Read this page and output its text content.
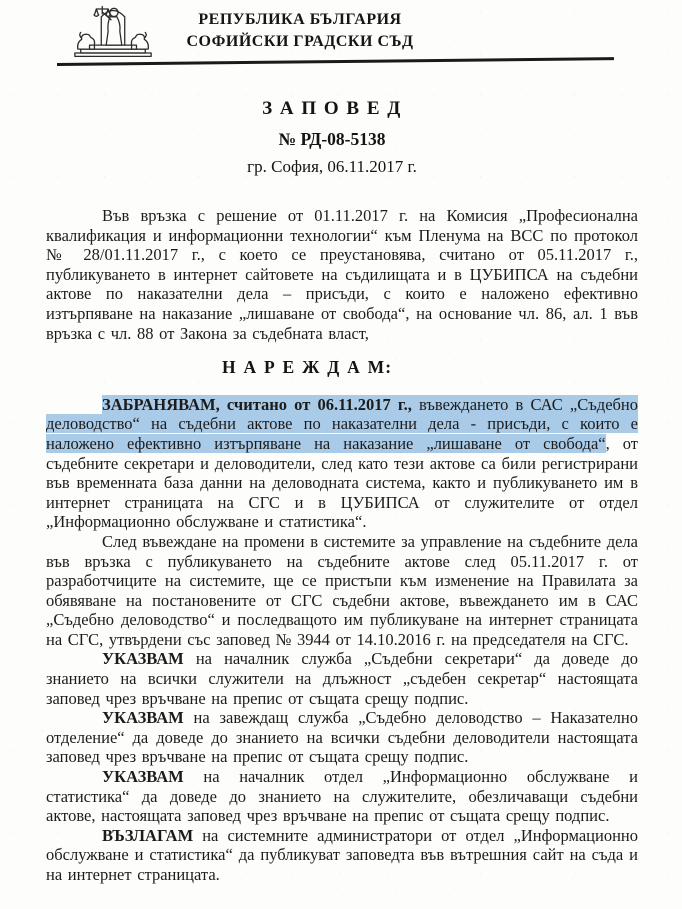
РЕПУБЛИКА БЪЛГАРИЯ
СОФИЙСКИ ГРАДСКИ СЪД
З А П О В Е Д
№ РД-08-5138
гр. София, 06.11.2017 г.

Във връзка с решение от 01.11.2017 г. на Комисия „Професионална квалификация и информационни технологии“ към Пленума на ВСС по протокол № 28/01.11.2017 г., с което се преустановява, считано от 05.11.2017 г., публикуването в интернет сайтовете на съдилищата и в ЦУБИПСА на съдебни актове по наказателни дела – присъди, с които е наложено ефективно изтърпяване на наказание „лишаване от свобода“, на основание чл. 86, ал. 1 във връзка с чл. 88 от Закона за съдебната власт,

Н А Р Е Ж Д А М:

ЗАБРАНЯВАМ, считано от 06.11.2017 г., въвеждането в САС „Съдебно деловодство“ на съдебни актове по наказателни дела - присъди, с които е наложено ефективно изтърпяване на наказание „лишаване от свобода“, от съдебните секретари и деловодители, след като тези актове са били регистрирани във временната база данни на деловодната система, както и публикуването им в интернет страницата на СГС и в ЦУБИПСА от служителите от отдел „Информационно обслужване и статистика“.

След въвеждане на промени в системите за управление на съдебните дела във връзка с публикуването на съдебните актове след 05.11.2017 г. от разработчиците на системите, ще се пристъпи към изменение на Правилата за обявяване на постановените от СГС съдебни актове, въвеждането им в САС „Съдебно деловодство“ и последващото им публикуване на интернет страницата на СГС, утвърдени със заповед № 3944 от 14.10.2016 г. на председателя на СГС.

УКАЗВАМ на началник служба „Съдебни секретари“ да доведе до знанието на всички служители на длъжност „съдебен секретар“ настоящата заповед чрез връчване на препис от същата срещу подпис.

УКАЗВАМ на завеждащ служба „Съдебно деловодство – Наказателно отделение“ да доведе до знанието на всички съдебни деловодители настоящата заповед чрез връчване на препис от същата срещу подпис.

УКАЗВАМ на началник отдел „Информационно обслужване и статистика“ да доведе до знанието на служителите, обезличаващи съдебни актове, настоящата заповед чрез връчване на препис от същата срещу подпис.

ВЪЗЛАГАМ на системните администратори от отдел „Информационно обслужване и статистика“ да публикуват заповедта във вътрешния сайт на съда и на интернет страницата.
